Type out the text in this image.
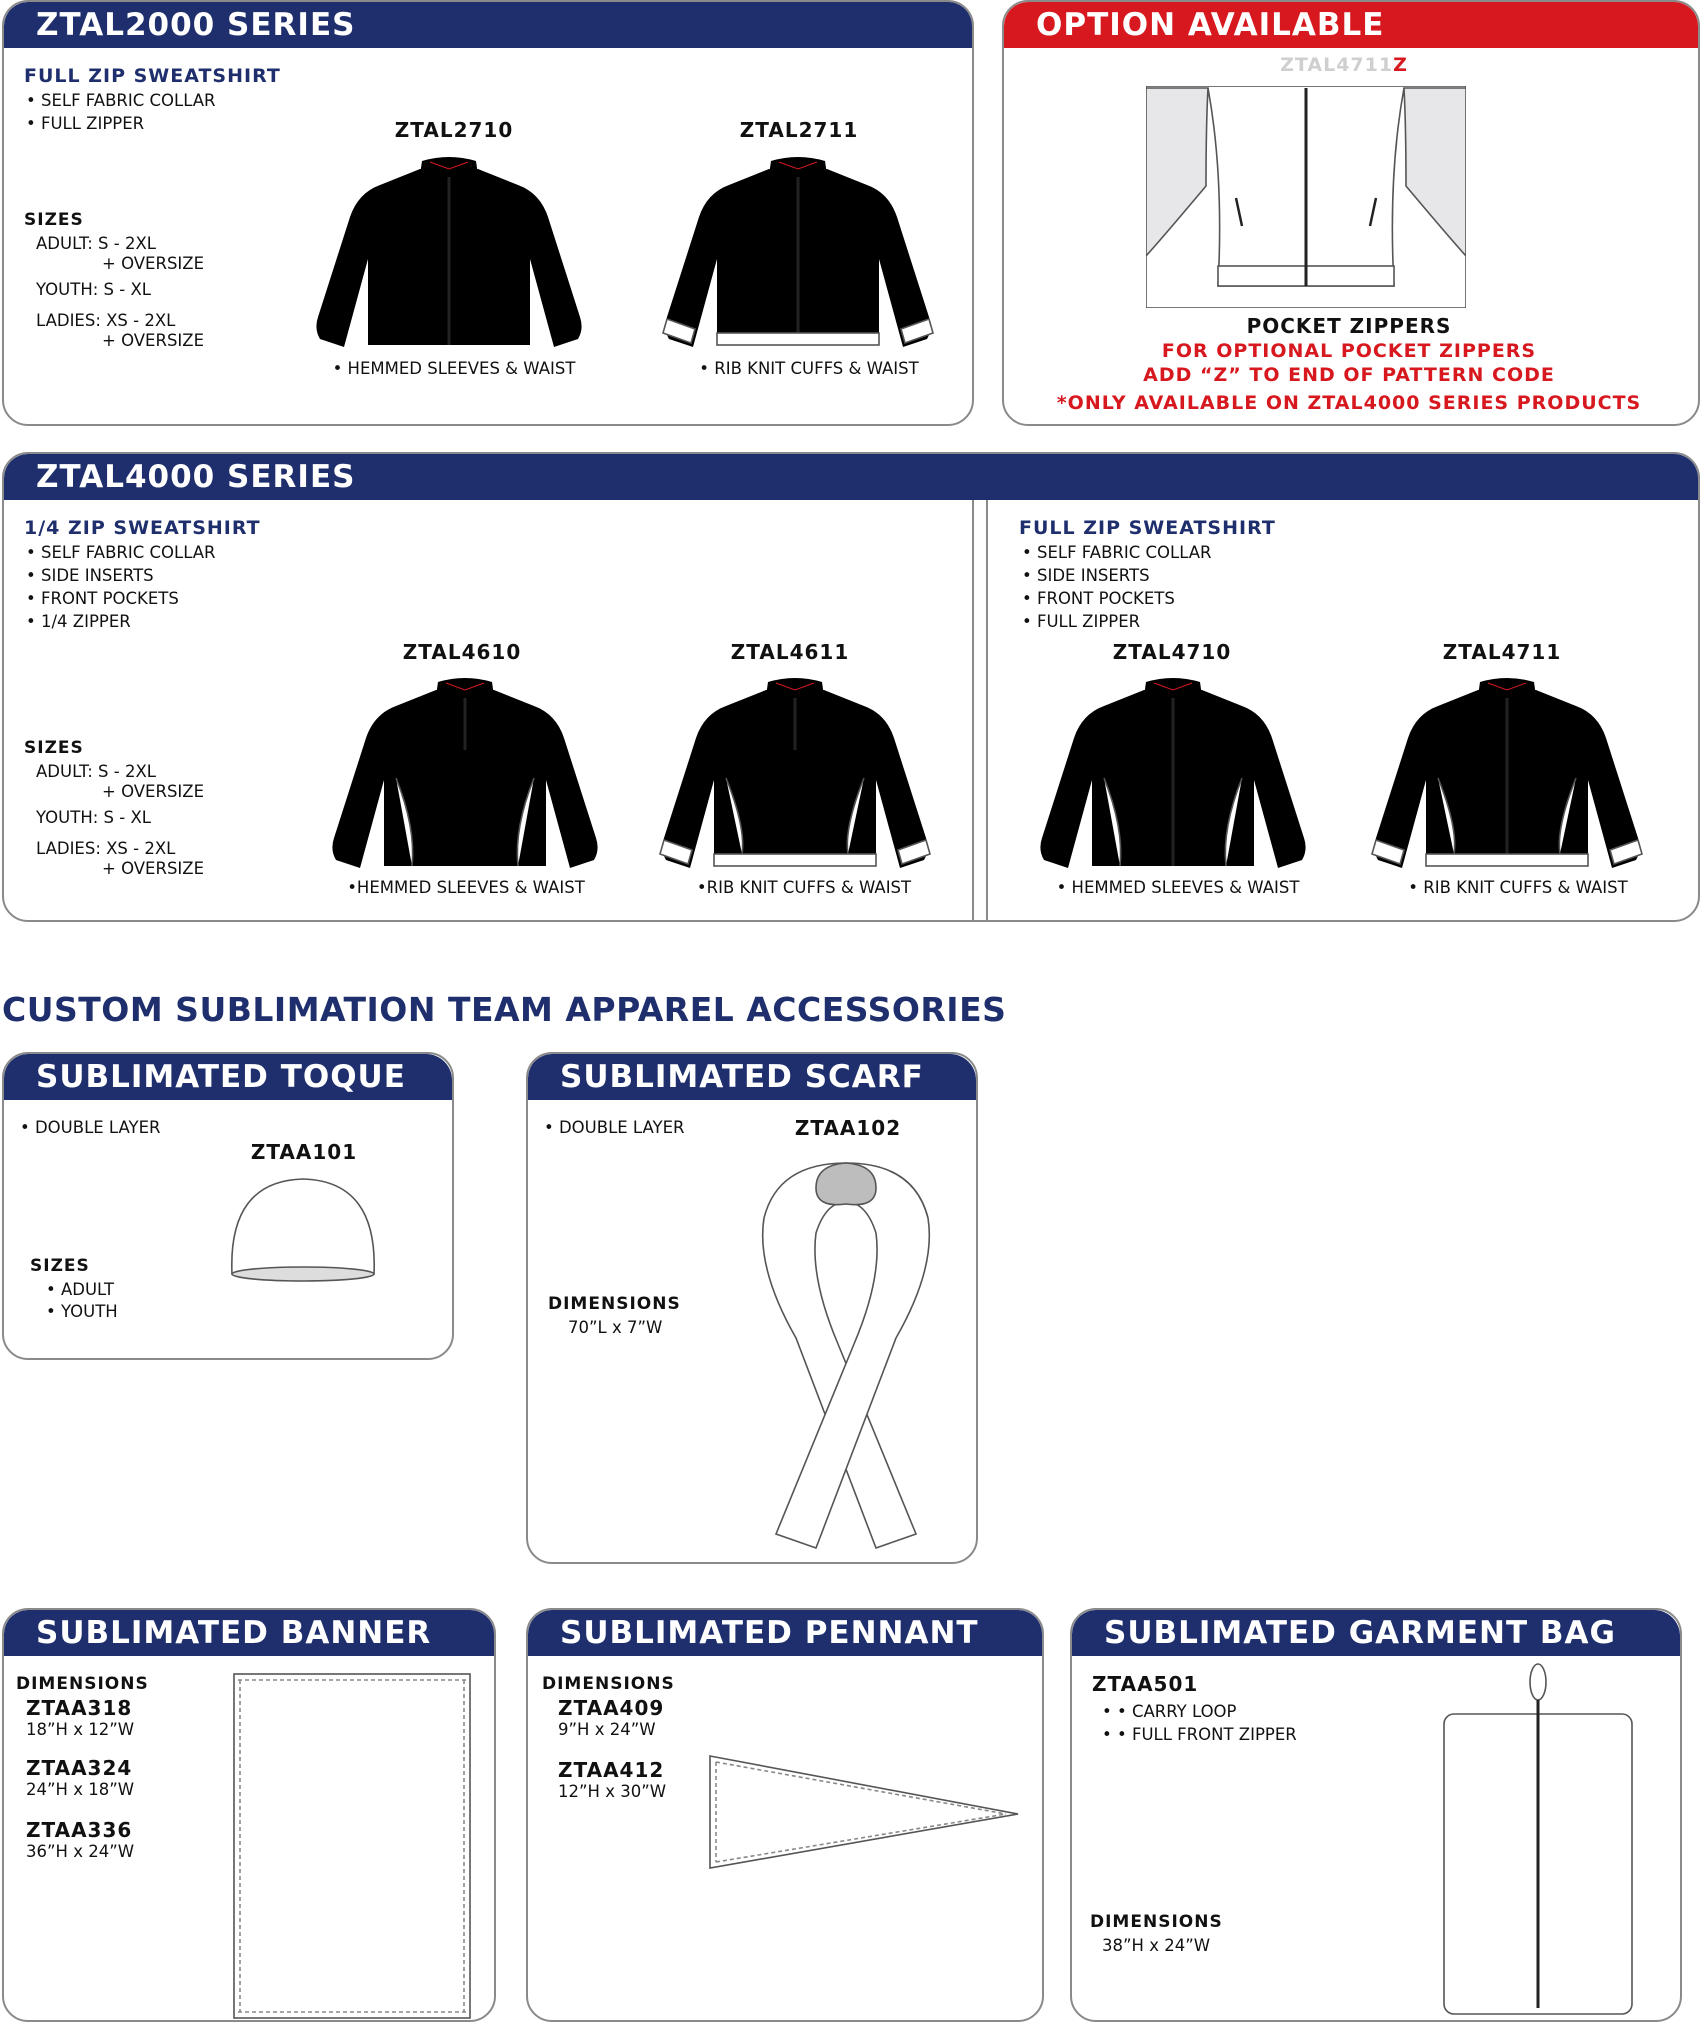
ZTAL2000 SERIES
FULL ZIP SWEATSHIRT
• SELF FABRIC COLLAR
• FULL ZIPPER
SIZES
ADULT: S - 2XL
+ OVERSIZE
YOUTH: S - XL
LADIES: XS - 2XL
+ OVERSIZE
ZTAL2710
• HEMMED SLEEVES & WAIST
ZTAL2711
• RIB KNIT CUFFS & WAIST
OPTION AVAILABLE
ZTAL4711Z
POCKET ZIPPERS
FOR OPTIONAL POCKET ZIPPERS
ADD “Z” TO END OF PATTERN CODE
*ONLY AVAILABLE ON ZTAL4000 SERIES PRODUCTS
ZTAL4000 SERIES
1/4 ZIP SWEATSHIRT
• SELF FABRIC COLLAR
• SIDE INSERTS
• FRONT POCKETS
• 1/4 ZIPPER
SIZES
ADULT: S - 2XL
+ OVERSIZE
YOUTH: S - XL
LADIES: XS - 2XL
+ OVERSIZE
ZTAL4610
•HEMMED SLEEVES & WAIST
ZTAL4611
•RIB KNIT CUFFS & WAIST
FULL ZIP SWEATSHIRT
• SELF FABRIC COLLAR
• SIDE INSERTS
• FRONT POCKETS
• FULL ZIPPER
ZTAL4710
• HEMMED SLEEVES & WAIST
ZTAL4711
• RIB KNIT CUFFS & WAIST
CUSTOM SUBLIMATION TEAM APPAREL ACCESSORIES
SUBLIMATED TOQUE
• DOUBLE LAYER
ZTAA101
SIZES
• ADULT
• YOUTH
SUBLIMATED SCARF
• DOUBLE LAYER	ZTAA102
DIMENSIONS
70”L x 7”W
SUBLIMATED BANNER
DIMENSIONS
ZTAA318
18”H x 12”W
ZTAA324
24”H x 18”W
ZTAA336
36”H x 24”W
SUBLIMATED PENNANT
DIMENSIONS
ZTAA409
9”H x 24”W
ZTAA412
12”H x 30”W
SUBLIMATED GARMENT BAG
ZTAA501
• • CARRY LOOP
• • FULL FRONT ZIPPER
DIMENSIONS
38”H x 24”W
